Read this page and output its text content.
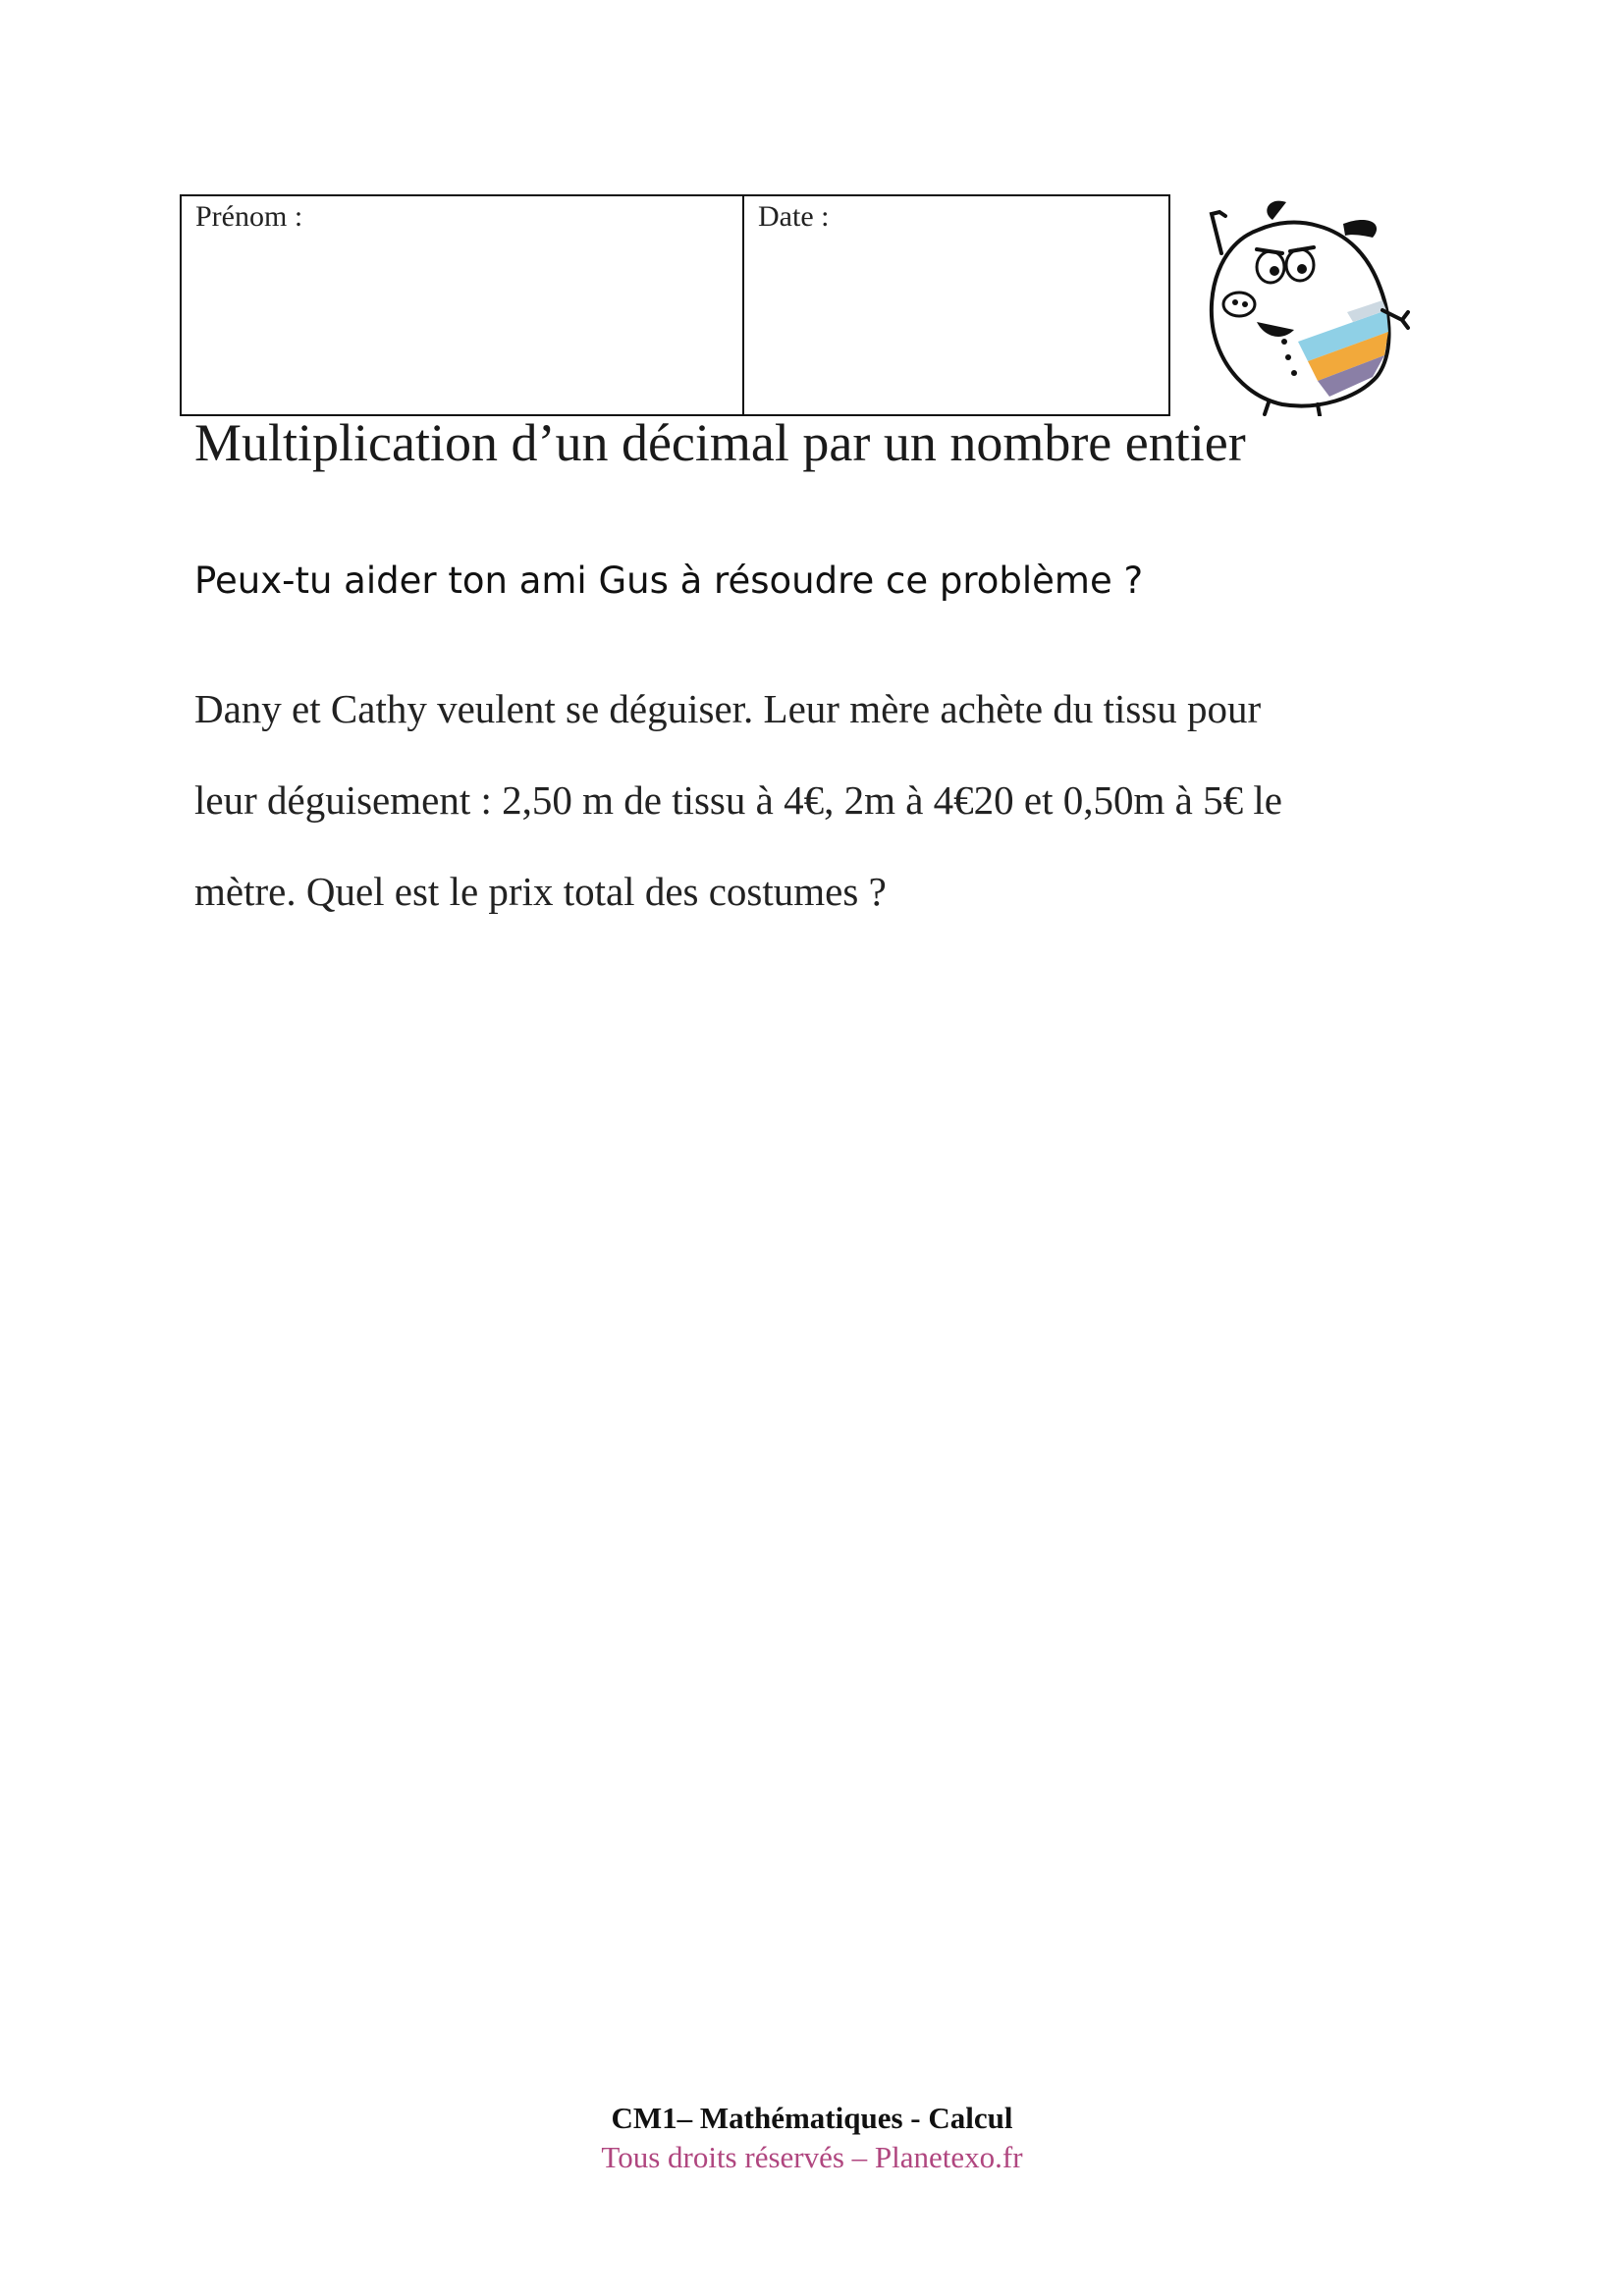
Prénom :	Date :
Multiplication d’un décimal par un nombre entier

Peux-tu aider ton ami Gus à résoudre ce problème ?

Dany et Cathy veulent se déguiser. Leur mère achète du tissu pour
leur déguisement : 2,50 m de tissu à 4€, 2m à 4€20 et 0,50m à 5€ le
mètre. Quel est le prix total des costumes ?
CM1– Mathématiques - Calcul
Tous droits réservés – Planetexo.fr
